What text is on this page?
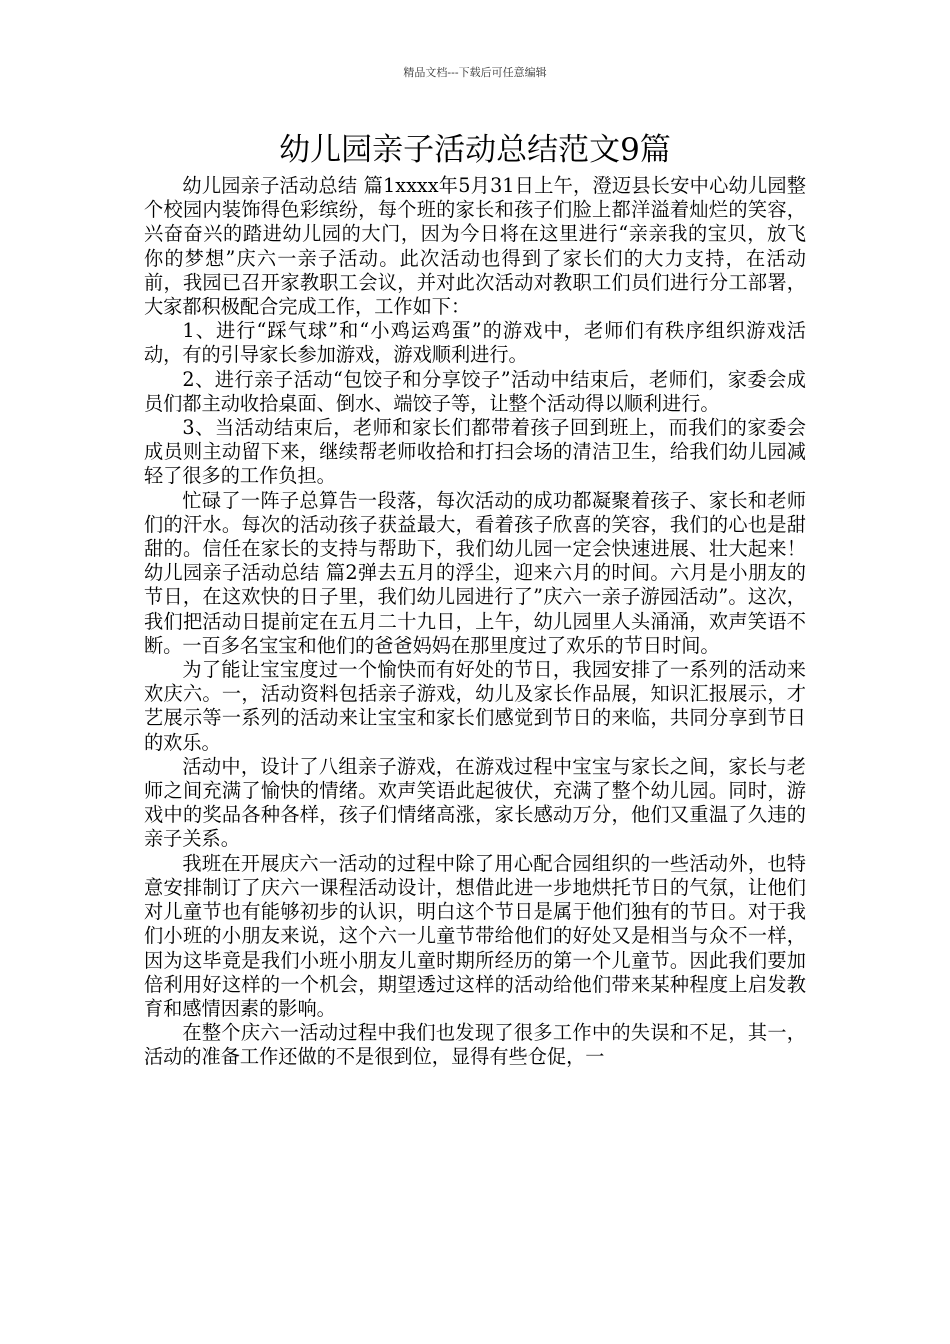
精品文档---下载后可任意编辑
幼儿园亲子活动总结范文9篇

幼儿园亲子活动总结 篇1xxxx年5月31日上午，澄迈县长安中心幼儿园整个校园内装饰得色彩缤纷，每个班的家长和孩子们脸上都洋溢着灿烂的笑容，兴奋奋兴的踏进幼儿园的大门，因为今日将在这里进行“亲亲我的宝贝，放飞你的梦想”庆六一亲子活动。此次活动也得到了家长们的大力支持，在活动前，我园已召开家教职工会议，并对此次活动对教职工们员们进行分工部署，大家都积极配合完成工作，工作如下：

1、进行“踩气球”和“小鸡运鸡蛋”的游戏中，老师们有秩序组织游戏活动，有的引导家长参加游戏，游戏顺利进行。

2、进行亲子活动“包饺子和分享饺子”活动中结束后，老师们，家委会成员们都主动收拾桌面、倒水、端饺子等，让整个活动得以顺利进行。

3、当活动结束后，老师和家长们都带着孩子回到班上，而我们的家委会成员则主动留下来，继续帮老师收拾和打扫会场的清洁卫生，给我们幼儿园减轻了很多的工作负担。

忙碌了一阵子总算告一段落，每次活动的成功都凝聚着孩子、家长和老师们的汗水。每次的活动孩子获益最大，看着孩子欣喜的笑容，我们的心也是甜甜的。信任在家长的支持与帮助下，我们幼儿园一定会快速进展、壮大起来！幼儿园亲子活动总结 篇2弹去五月的浮尘，迎来六月的时间。六月是小朋友的节日，在这欢快的日子里，我们幼儿园进行了”庆六一亲子游园活动”。这次，我们把活动日提前定在五月二十九日，上午，幼儿园里人头涌涌，欢声笑语不断。一百多名宝宝和他们的爸爸妈妈在那里度过了欢乐的节日时间。

为了能让宝宝度过一个愉快而有好处的节日，我园安排了一系列的活动来欢庆六。一，活动资料包括亲子游戏，幼儿及家长作品展，知识汇报展示，才艺展示等一系列的活动来让宝宝和家长们感觉到节日的来临，共同分享到节日的欢乐。

活动中，设计了八组亲子游戏，在游戏过程中宝宝与家长之间，家长与老师之间充满了愉快的情绪。欢声笑语此起彼伏，充满了整个幼儿园。同时，游戏中的奖品各种各样，孩子们情绪高涨，家长感动万分，他们又重温了久违的亲子关系。

我班在开展庆六一活动的过程中除了用心配合园组织的一些活动外，也特意安排制订了庆六一课程活动设计，想借此进一步地烘托节日的气氛，让他们对儿童节也有能够初步的认识，明白这个节日是属于他们独有的节日。对于我们小班的小朋友来说，这个六一儿童节带给他们的好处又是相当与众不一样，因为这毕竟是我们小班小朋友儿童时期所经历的第一个儿童节。因此我们要加倍利用好这样的一个机会，期望透过这样的活动给他们带来某种程度上启发教育和感情因素的影响。

在整个庆六一活动过程中我们也发现了很多工作中的失误和不足，其一，活动的准备工作还做的不是很到位，显得有些仓促，一
